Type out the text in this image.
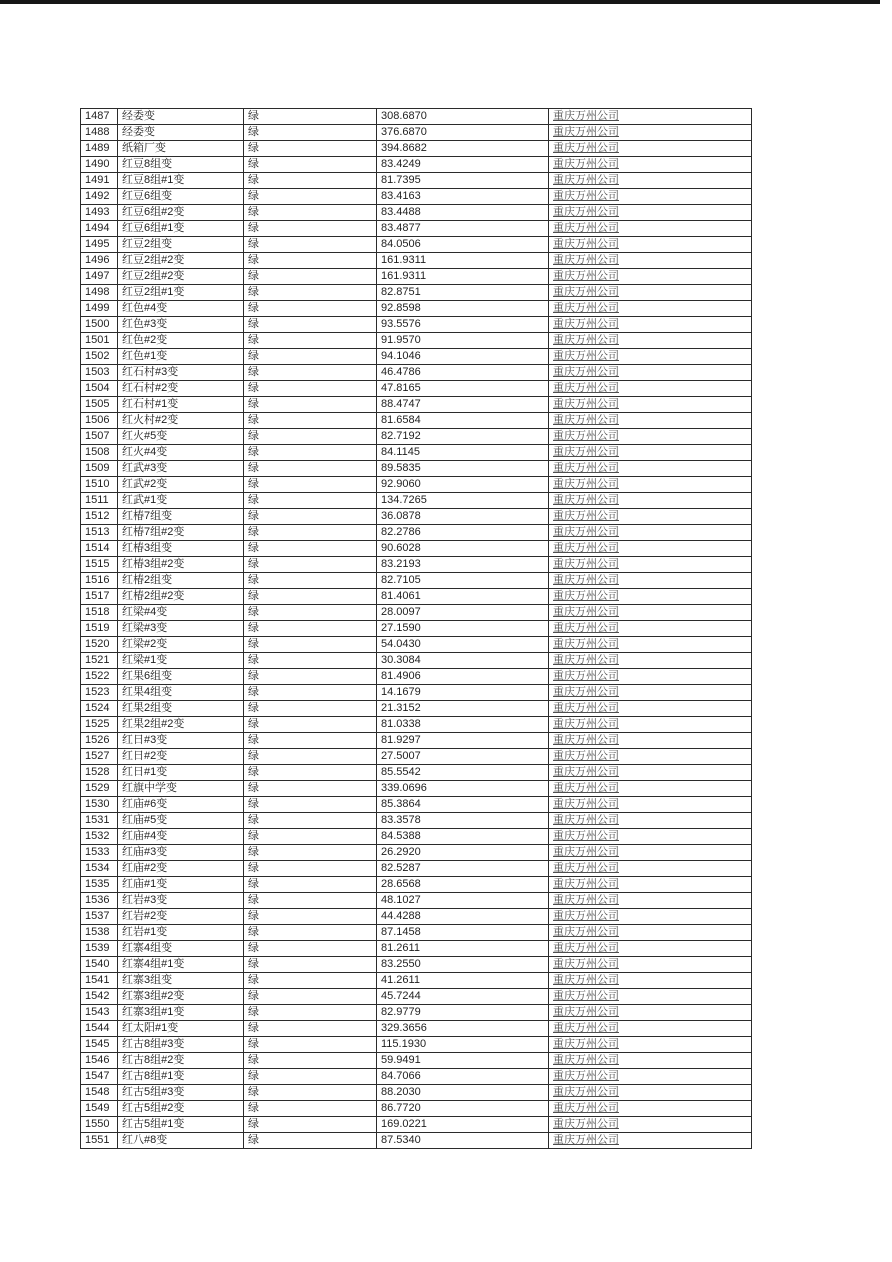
1487	经委变	绿	308.6870	重庆万州公司
1488	经委变	绿	376.6870	重庆万州公司
1489	纸箱厂变	绿	394.8682	重庆万州公司
1490	红豆8组变	绿	83.4249	重庆万州公司
1491	红豆8组#1变	绿	81.7395	重庆万州公司
1492	红豆6组变	绿	83.4163	重庆万州公司
1493	红豆6组#2变	绿	83.4488	重庆万州公司
1494	红豆6组#1变	绿	83.4877	重庆万州公司
1495	红豆2组变	绿	84.0506	重庆万州公司
1496	红豆2组#2变	绿	161.9311	重庆万州公司
1497	红豆2组#2变	绿	161.9311	重庆万州公司
1498	红豆2组#1变	绿	82.8751	重庆万州公司
1499	红色#4变	绿	92.8598	重庆万州公司
1500	红色#3变	绿	93.5576	重庆万州公司
1501	红色#2变	绿	91.9570	重庆万州公司
1502	红色#1变	绿	94.1046	重庆万州公司
1503	红石村#3变	绿	46.4786	重庆万州公司
1504	红石村#2变	绿	47.8165	重庆万州公司
1505	红石村#1变	绿	88.4747	重庆万州公司
1506	红火村#2变	绿	81.6584	重庆万州公司
1507	红火#5变	绿	82.7192	重庆万州公司
1508	红火#4变	绿	84.1145	重庆万州公司
1509	红武#3变	绿	89.5835	重庆万州公司
1510	红武#2变	绿	92.9060	重庆万州公司
1511	红武#1变	绿	134.7265	重庆万州公司
1512	红椿7组变	绿	36.0878	重庆万州公司
1513	红椿7组#2变	绿	82.2786	重庆万州公司
1514	红椿3组变	绿	90.6028	重庆万州公司
1515	红椿3组#2变	绿	83.2193	重庆万州公司
1516	红椿2组变	绿	82.7105	重庆万州公司
1517	红椿2组#2变	绿	81.4061	重庆万州公司
1518	红梁#4变	绿	28.0097	重庆万州公司
1519	红梁#3变	绿	27.1590	重庆万州公司
1520	红梁#2变	绿	54.0430	重庆万州公司
1521	红梁#1变	绿	30.3084	重庆万州公司
1522	红果6组变	绿	81.4906	重庆万州公司
1523	红果4组变	绿	14.1679	重庆万州公司
1524	红果2组变	绿	21.3152	重庆万州公司
1525	红果2组#2变	绿	81.0338	重庆万州公司
1526	红日#3变	绿	81.9297	重庆万州公司
1527	红日#2变	绿	27.5007	重庆万州公司
1528	红日#1变	绿	85.5542	重庆万州公司
1529	红旗中学变	绿	339.0696	重庆万州公司
1530	红庙#6变	绿	85.3864	重庆万州公司
1531	红庙#5变	绿	83.3578	重庆万州公司
1532	红庙#4变	绿	84.5388	重庆万州公司
1533	红庙#3变	绿	26.2920	重庆万州公司
1534	红庙#2变	绿	82.5287	重庆万州公司
1535	红庙#1变	绿	28.6568	重庆万州公司
1536	红岩#3变	绿	48.1027	重庆万州公司
1537	红岩#2变	绿	44.4288	重庆万州公司
1538	红岩#1变	绿	87.1458	重庆万州公司
1539	红寨4组变	绿	81.2611	重庆万州公司
1540	红寨4组#1变	绿	83.2550	重庆万州公司
1541	红寨3组变	绿	41.2611	重庆万州公司
1542	红寨3组#2变	绿	45.7244	重庆万州公司
1543	红寨3组#1变	绿	82.9779	重庆万州公司
1544	红太阳#1变	绿	329.3656	重庆万州公司
1545	红古8组#3变	绿	115.1930	重庆万州公司
1546	红古8组#2变	绿	59.9491	重庆万州公司
1547	红古8组#1变	绿	84.7066	重庆万州公司
1548	红古5组#3变	绿	88.2030	重庆万州公司
1549	红古5组#2变	绿	86.7720	重庆万州公司
1550	红古5组#1变	绿	169.0221	重庆万州公司
1551	红八#8变	绿	87.5340	重庆万州公司
